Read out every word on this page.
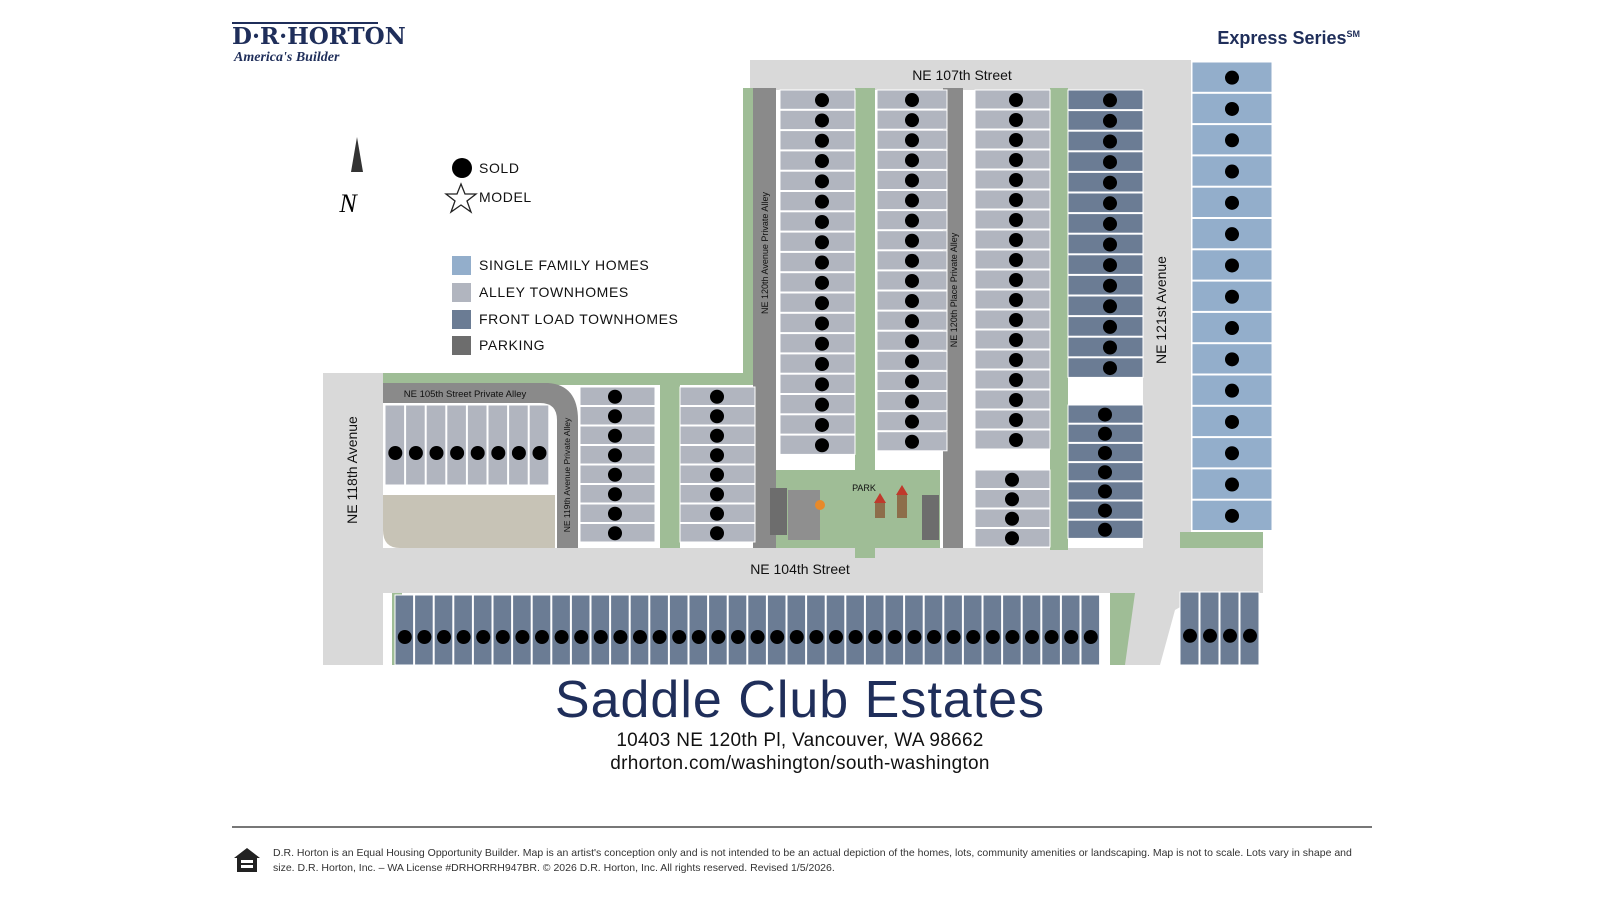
D·R·HORTON
America's Builder
Express Series℠
N
NE 107th Street
NE 104th Street
NE 118th Avenue
NE 121st Avenue
NE 105th Street Private Alley
NE 119th Avenue Private Alley
NE 120th Avenue Private Alley	NE 120th Place Private Alley
PARK
SOLD
MODEL
SINGLE FAMILY HOMES
ALLEY TOWNHOMES
FRONT LOAD TOWNHOMES
PARKING
Saddle Club Estates
10403 NE 120th Pl, Vancouver, WA 98662
drhorton.com/washington/south-washington
D.R. Horton is an Equal Housing Opportunity Builder. Map is an artist's conception only and is not intended to be an actual depiction of the homes, lots, community amenities or landscaping. Map is not to scale. Lots vary in shape and size. D.R. Horton, Inc. – WA License #DRHORRH947BR. © 2026 D.R. Horton, Inc. All rights reserved. Revised 1/5/2026.
